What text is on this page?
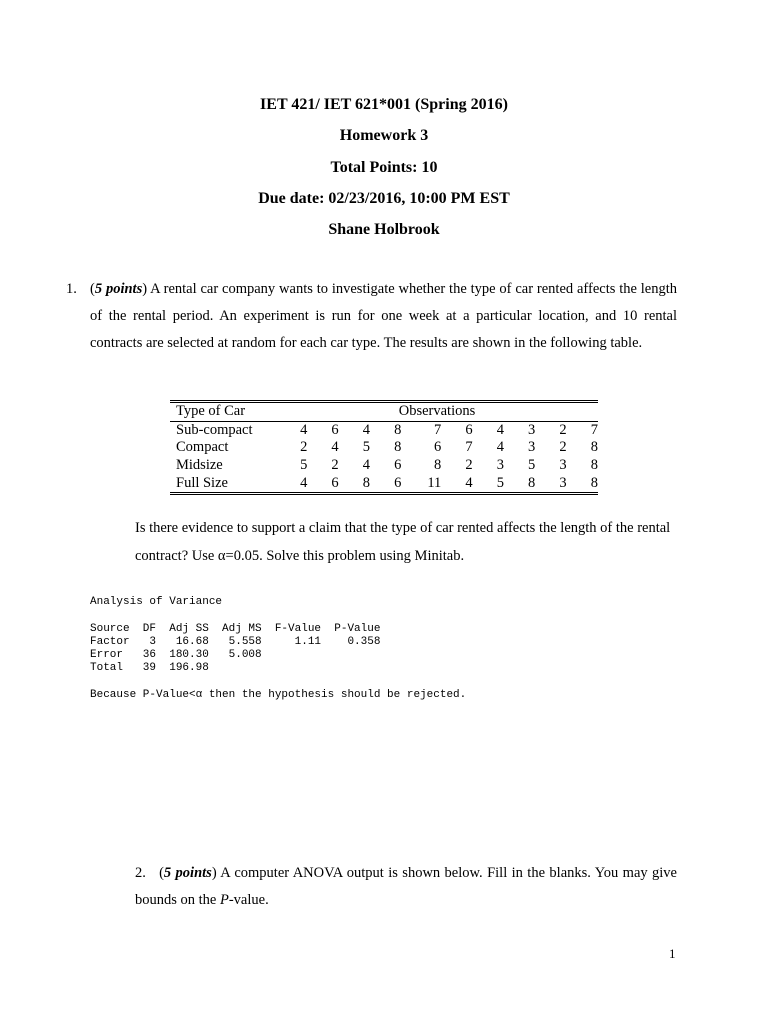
IET 421/ IET 621*001 (Spring 2016)
Homework 3
Total Points: 10
Due date: 02/23/2016, 10:00 PM EST
Shane Holbrook
1. (5 points) A rental car company wants to investigate whether the type of car rented affects the length of the rental period. An experiment is run for one week at a particular location, and 10 rental contracts are selected at random for each car type. The results are shown in the following table.
Type of Car	Observations																			
Sub-compact		4		6		4		8		7		6		4		3		2		7
Compact		2		4		5		8		6		7		4		3		2		8
Midsize		5		2		4		6		8		2		3		5		3		8
Full Size		4		6		8		6		11		4		5		8		3		8
Is there evidence to support a claim that the type of car rented affects the length of the rental contract? Use α=0.05. Solve this problem using Minitab.
Analysis of Variance
Source  DF  Adj SS  Adj MS  F-Value  P-Value
Factor   3   16.68   5.558     1.11    0.358
Error   36  180.30   5.008
Total   39  196.98
Because P-Value<α then the hypothesis should be rejected.
2.   (5 points) A computer ANOVA output is shown below. Fill in the blanks. You may give bounds on the P-value.
1
